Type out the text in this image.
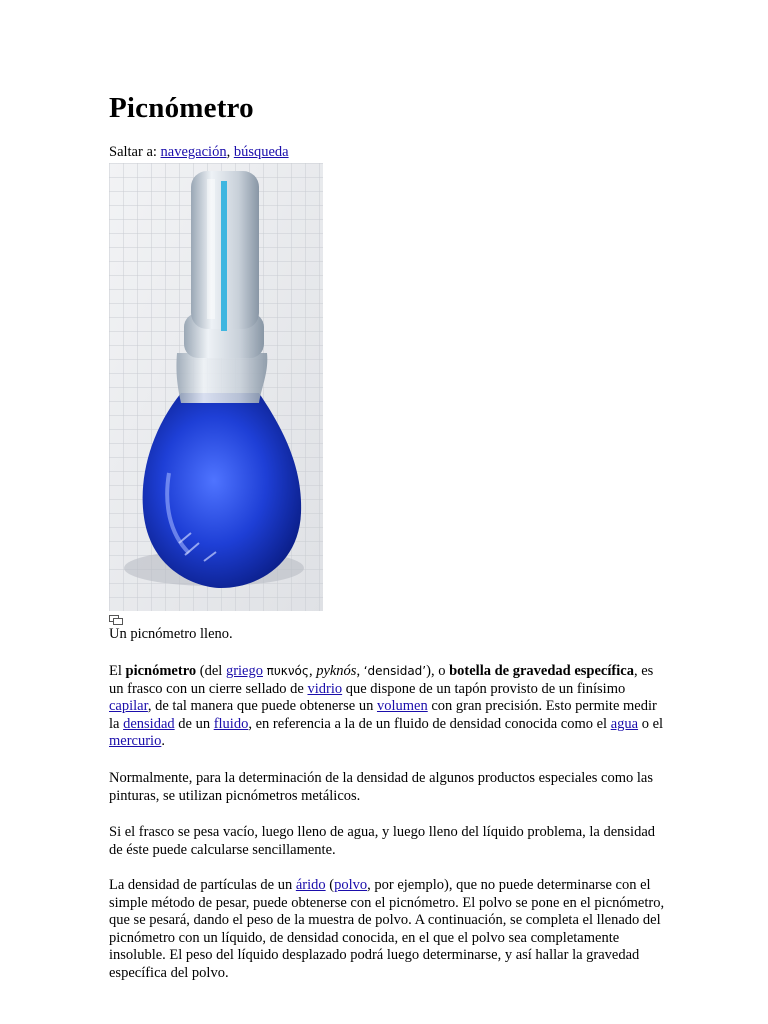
Picnómetro
Saltar a: navegación, búsqueda
Un picnómetro lleno.

El picnómetro (del griego πυκνός, pyknós, ‘densidad’), o botella de gravedad específica, es un frasco con un cierre sellado de vidrio que dispone de un tapón provisto de un finísimo capilar, de tal manera que puede obtenerse un volumen con gran precisión. Esto permite medir la densidad de un fluido, en referencia a la de un fluido de densidad conocida como el agua o el mercurio.

Normalmente, para la determinación de la densidad de algunos productos especiales como las pinturas, se utilizan picnómetros metálicos.

Si el frasco se pesa vacío, luego lleno de agua, y luego lleno del líquido problema, la densidad de éste puede calcularse sencillamente.

La densidad de partículas de un árido (polvo, por ejemplo), que no puede determinarse con el simple método de pesar, puede obtenerse con el picnómetro. El polvo se pone en el picnómetro, que se pesará, dando el peso de la muestra de polvo. A continuación, se completa el llenado del picnómetro con un líquido, de densidad conocida, en el que el polvo sea completamente insoluble. El peso del líquido desplazado podrá luego determinarse, y así hallar la gravedad específica del polvo.
